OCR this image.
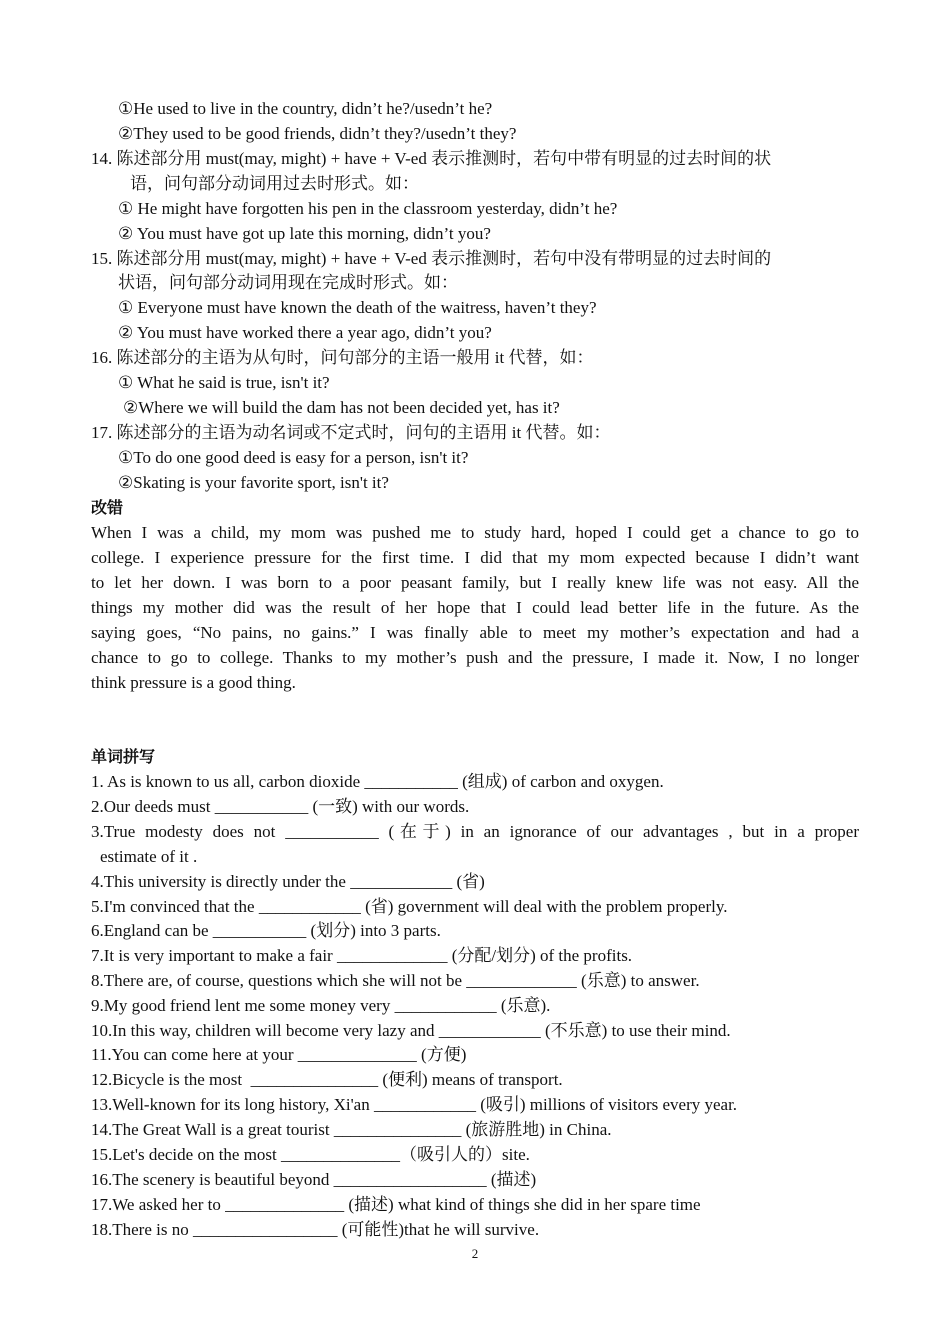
①He used to live in the country, didn’t he?/usedn’t he?
②They used to be good friends, didn’t they?/usedn’t they?
14. 陈述部分用 must(may, might) + have + V-ed 表示推测时，若句中带有明显的过去时间的状
语，问句部分动词用过去时形式。如：
① He might have forgotten his pen in the classroom yesterday, didn’t he?
② You must have got up late this morning, didn’t you?
15. 陈述部分用 must(may, might) + have + V-ed 表示推测时，若句中没有带明显的过去时间的
状语，问句部分动词用现在完成时形式。如：
① Everyone must have known the death of the waitress, haven’t they?
② You must have worked there a year ago, didn’t you?
16. 陈述部分的主语为从句时，问句部分的主语一般用 it 代替，如：
① What he said is true, isn't it?
②Where we will build the dam has not been decided yet, has it?
17. 陈述部分的主语为动名词或不定式时，问句的主语用 it 代替。如：
①To do one good deed is easy for a person, isn't it?
②Skating is your favorite sport, isn't it?
改错
When I was a child, my mom was pushed me to study hard, hoped I could get a chance to go to
college. I experience pressure for the first time. I did that my mom expected because I didn’t want
to let her down. I was born to a poor peasant family, but I really knew life was not easy. All the
things my mother did was the result of her hope that I could lead better life in the future. As the
saying goes, “No pains, no gains.” I was finally able to meet my mother’s expectation and had a
chance to go to college. Thanks to my mother’s push and the pressure, I made it. Now, I no longer
think pressure is a good thing.
单词拼写
1. As is known to us all, carbon dioxide ___________ (组成) of carbon and oxygen.
2.Our deeds must ___________ (一致) with our words.
3.True modesty does not ___________ (在于) in an ignorance of our advantages , but in a proper
estimate of it .
4.This university is directly under the ____________ (省)
5.I'm convinced that the ____________ (省) government will deal with the problem properly.
6.England can be ___________ (划分) into 3 parts.
7.It is very important to make a fair _____________ (分配/划分) of the profits.
8.There are, of course, questions which she will not be _____________ (乐意) to answer.
9.My good friend lent me some money very ____________ (乐意).
10.In this way, children will become very lazy and ____________ (不乐意) to use their mind.
11.You can come here at your ______________ (方便)
12.Bicycle is the most  _______________ (便利) means of transport.
13.Well-known for its long history, Xi'an ____________ (吸引) millions of visitors every year.
14.The Great Wall is a great tourist _______________ (旅游胜地) in China.
15.Let's decide on the most ______________（吸引人的）site.
16.The scenery is beautiful beyond __________________ (描述)
17.We asked her to ______________ (描述) what kind of things she did in her spare time
18.There is no _________________ (可能性)that he will survive.
2
